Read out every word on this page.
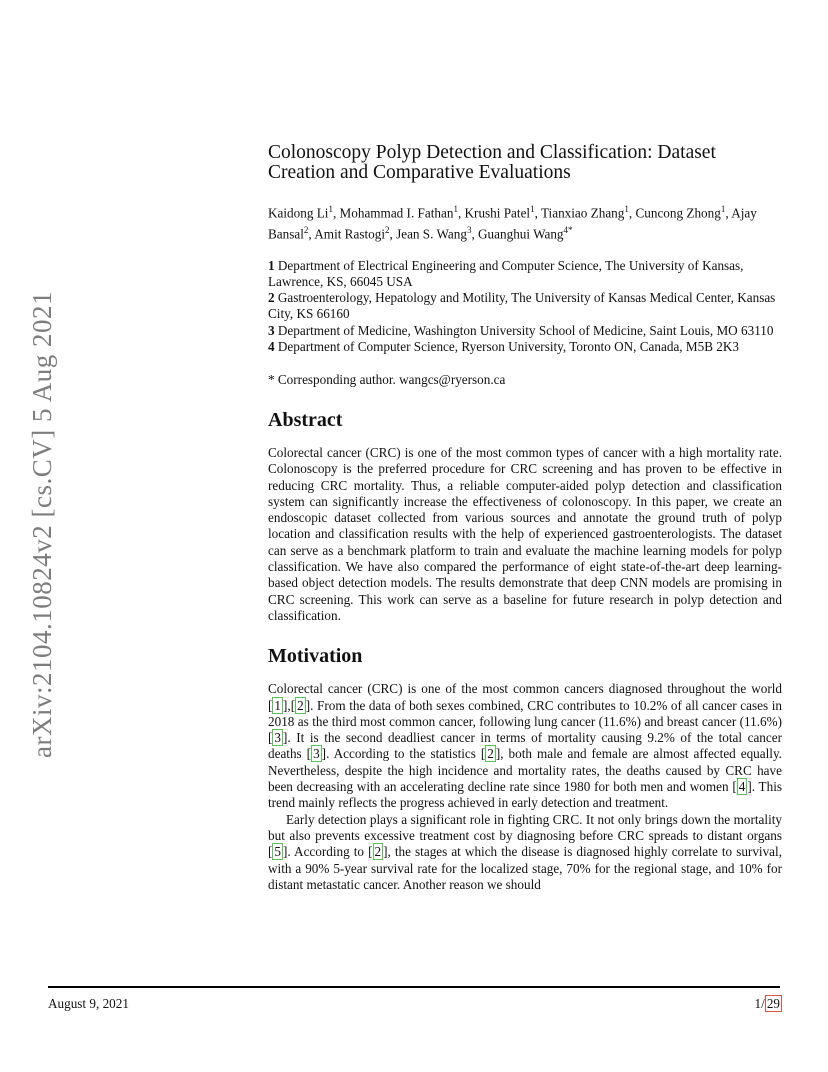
arXiv:2104.10824v2 [cs.CV] 5 Aug 2021
Colonoscopy Polyp Detection and Classification: Dataset Creation and Comparative Evaluations
Kaidong Li$^1$, Mohammad I. Fathan$^1$, Krushi Patel$^1$, Tianxiao Zhang$^1$, Cuncong Zhong$^1$, Ajay Bansal$^2$, Amit Rastogi$^2$, Jean S. Wang$^3$, Guanghui Wang$^{4*}$
1 Department of Electrical Engineering and Computer Science, The University of Kansas, Lawrence, KS, 66045 USA
2 Gastroenterology, Hepatology and Motility, The University of Kansas Medical Center, Kansas City, KS 66160
3 Department of Medicine, Washington University School of Medicine, Saint Louis, MO 63110
4 Department of Computer Science, Ryerson University, Toronto ON, Canada, M5B 2K3
* Corresponding author. wangcs@ryerson.ca
Abstract

Colorectal cancer (CRC) is one of the most common types of cancer with a high mortality rate. Colonoscopy is the preferred procedure for CRC screening and has proven to be effective in reducing CRC mortality. Thus, a reliable computer-aided polyp detection and classification system can significantly increase the effectiveness of colonoscopy. In this paper, we create an endoscopic dataset collected from various sources and annotate the ground truth of polyp location and classification results with the help of experienced gastroenterologists. The dataset can serve as a benchmark platform to train and evaluate the machine learning models for polyp classification. We have also compared the performance of eight state-of-the-art deep learning-based object detection models. The results demonstrate that deep CNN models are promising in CRC screening. This work can serve as a baseline for future research in polyp detection and classification.

Motivation

Colorectal cancer (CRC) is one of the most common cancers diagnosed throughout the world [ 1 ],[ 2 ]. From the data of both sexes combined, CRC contributes to 10.2% of all cancer cases in 2018 as the third most common cancer, following lung cancer (11.6%) and breast cancer (11.6%) [ 3 ]. It is the second deadliest cancer in terms of mortality causing 9.2% of the total cancer deaths [ 3 ]. According to the statistics [ 2 ], both male and female are almost affected equally. Nevertheless, despite the high incidence and mortality rates, the deaths caused by CRC have been decreasing with an accelerating decline rate since 1980 for both men and women [ 4 ]. This trend mainly reflects the progress achieved in early detection and treatment.

Early detection plays a significant role in fighting CRC. It not only brings down the mortality but also prevents excessive treatment cost by diagnosing before CRC spreads to distant organs [ 5 ]. According to [ 2 ], the stages at which the disease is diagnosed highly correlate to survival, with a 90% 5-year survival rate for the localized stage, 70% for the regional stage, and 10% for distant metastatic cancer. Another reason we should

August 9, 2021	1/ 29
